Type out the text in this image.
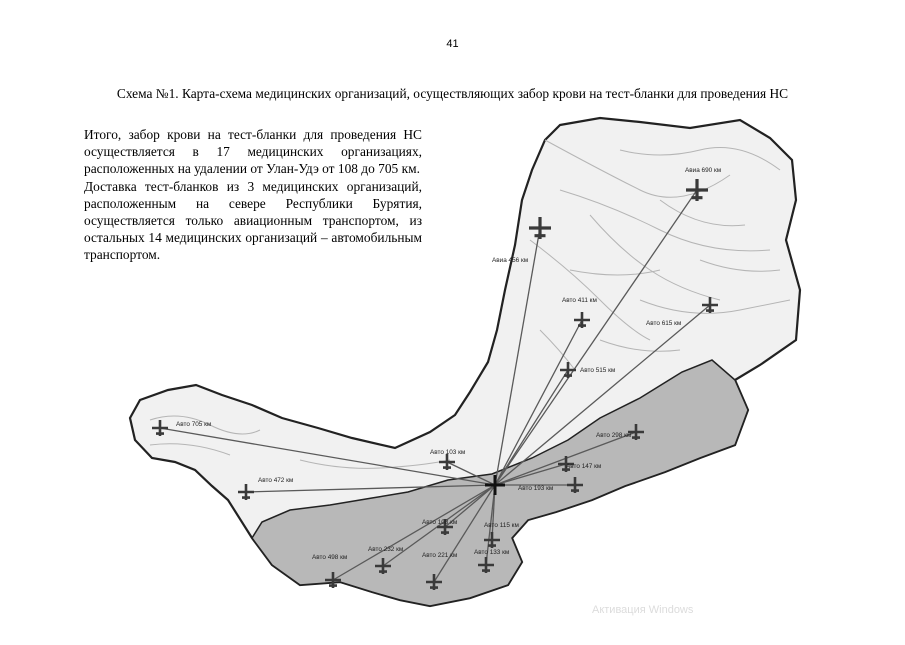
41
Схема №1. Карта-схема медицинских организаций, осуществляющих забор крови на тест-бланки для проведения НС

Итого, забор крови на тест-бланки для проведения НС осуществляется в 17 медицинских организациях, расположенных на удалении от Улан-Удэ от 108 до 705 км.

Доставка тест-бланков из 3 медицинских организаций, расположенным на севере Республики Бурятия, осуществляется только авиационным транспортом, из остальных 14 медицинских организаций – автомобильным транспортом.

Авиа 690 км
Авиа 456 км
Авто 411 км
Авто 615 км
Авто 515 км
Авто 705 км
Авто 472 км
Авто 103 км
Авто 298 км
Авто 147 км
Авто 193 км
Авто 108 км	Авто 115 км
Авто 232 км
Авто 498 км	Авто 221 км	Авто 133 км
Активация Windows
